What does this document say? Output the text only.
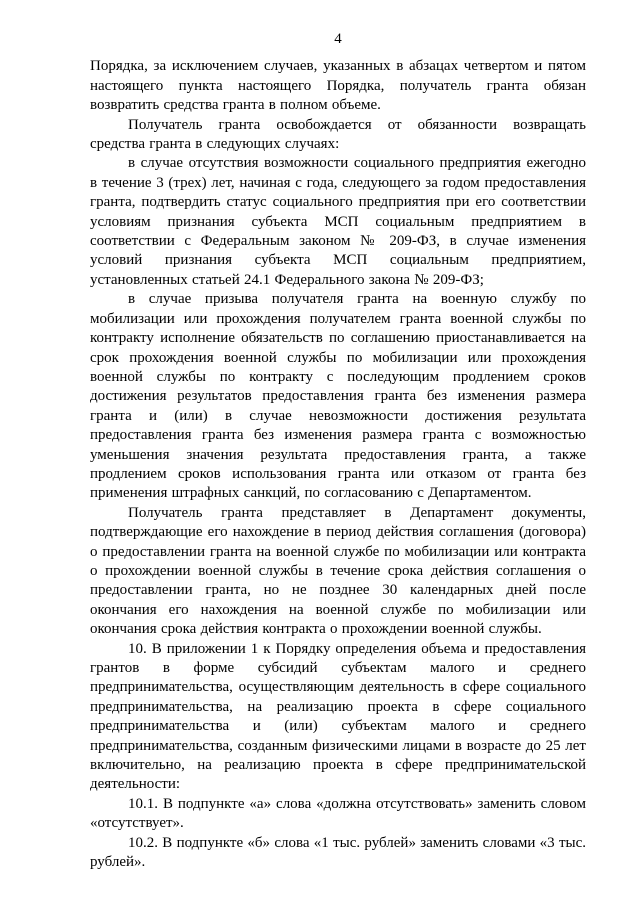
4

Порядка, за исключением случаев, указанных в абзацах четвертом и пятом настоящего пункта настоящего Порядка, получатель гранта обязан возвратить средства гранта в полном объеме.

Получатель гранта освобождается от обязанности возвращать средства гранта в следующих случаях:

в случае отсутствия возможности социального предприятия ежегодно в течение 3 (трех) лет, начиная с года, следующего за годом предоставления гранта, подтвердить статус социального предприятия при его соответствии условиям признания субъекта МСП социальным предприятием в соответствии с Федеральным законом № 209-ФЗ, в случае изменения условий признания субъекта МСП социальным предприятием, установленных статьей 24.1 Федерального закона № 209-ФЗ;

в случае призыва получателя гранта на военную службу по мобилизации или прохождения получателем гранта военной службы по контракту исполнение обязательств по соглашению приостанавливается на срок прохождения военной службы по мобилизации или прохождения военной службы по контракту с последующим продлением сроков достижения результатов предоставления гранта без изменения размера гранта и (или) в случае невозможности достижения результата предоставления гранта без изменения размера гранта с возможностью уменьшения значения результата предоставления гранта, а также продлением сроков использования гранта или отказом от гранта без применения штрафных санкций, по согласованию с Департаментом.

Получатель гранта представляет в Департамент документы, подтверждающие его нахождение в период действия соглашения (договора) о предоставлении гранта на военной службе по мобилизации или контракта о прохождении военной службы в течение срока действия соглашения о предоставлении гранта, но не позднее 30 календарных дней после окончания его нахождения на военной службе по мобилизации или окончания срока действия контракта о прохождении военной службы.

10. В приложении 1 к Порядку определения объема и предоставления грантов в форме субсидий субъектам малого и среднего предпринимательства, осуществляющим деятельность в сфере социального предпринимательства, на реализацию проекта в сфере социального предпринимательства и (или) субъектам малого и среднего предпринимательства, созданным физическими лицами в возрасте до 25 лет включительно, на реализацию проекта в сфере предпринимательской деятельности:

10.1. В подпункте «а» слова «должна отсутствовать» заменить словом «отсутствует».

10.2. В подпункте «б» слова «1 тыс. рублей» заменить словами «3 тыс. рублей».
